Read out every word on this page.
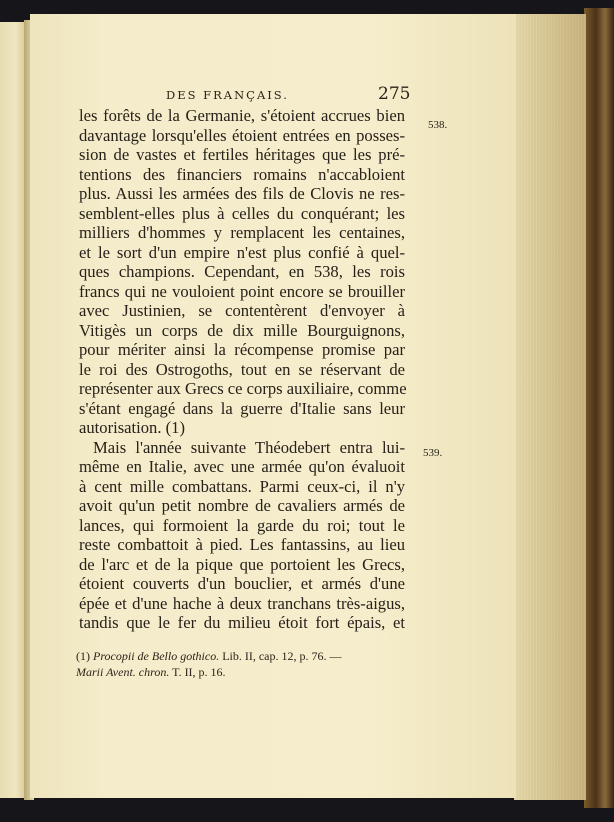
DES FRANÇAIS.	275
538.
539.
les forêts de la Germanie, s'étoient accrues bien
davantage lorsqu'elles étoient entrées en posses-
sion de vastes et fertiles héritages que les pré-
tentions des financiers romains n'accabloient
plus. Aussi les armées des fils de Clovis ne res-
semblent-elles plus à celles du conquérant; les
milliers d'hommes y remplacent les centaines,
et le sort d'un empire n'est plus confié à quel-
ques champions. Cependant, en 538, les rois
francs qui ne vouloient point encore se brouiller
avec Justinien, se contentèrent d'envoyer à
Vitigès un corps de dix mille Bourguignons,
pour mériter ainsi la récompense promise par
le roi des Ostrogoths, tout en se réservant de
représenter aux Grecs ce corps auxiliaire, comme
s'étant engagé dans la guerre d'Italie sans leur
autorisation. (1)
Mais l'année suivante Théodebert entra lui-
même en Italie, avec une armée qu'on évaluoit
à cent mille combattans. Parmi ceux-ci, il n'y
avoit qu'un petit nombre de cavaliers armés de
lances, qui formoient la garde du roi; tout le
reste combattoit à pied. Les fantassins, au lieu
de l'arc et de la pique que portoient les Grecs,
étoient couverts d'un bouclier, et armés d'une
épée et d'une hache à deux tranchans très-aigus,
tandis que le fer du milieu étoit fort épais, et
(1) Procopii de Bello gothico. Lib. II, cap. 12, p. 76. —
Marii Avent. chron. T. II, p. 16.
